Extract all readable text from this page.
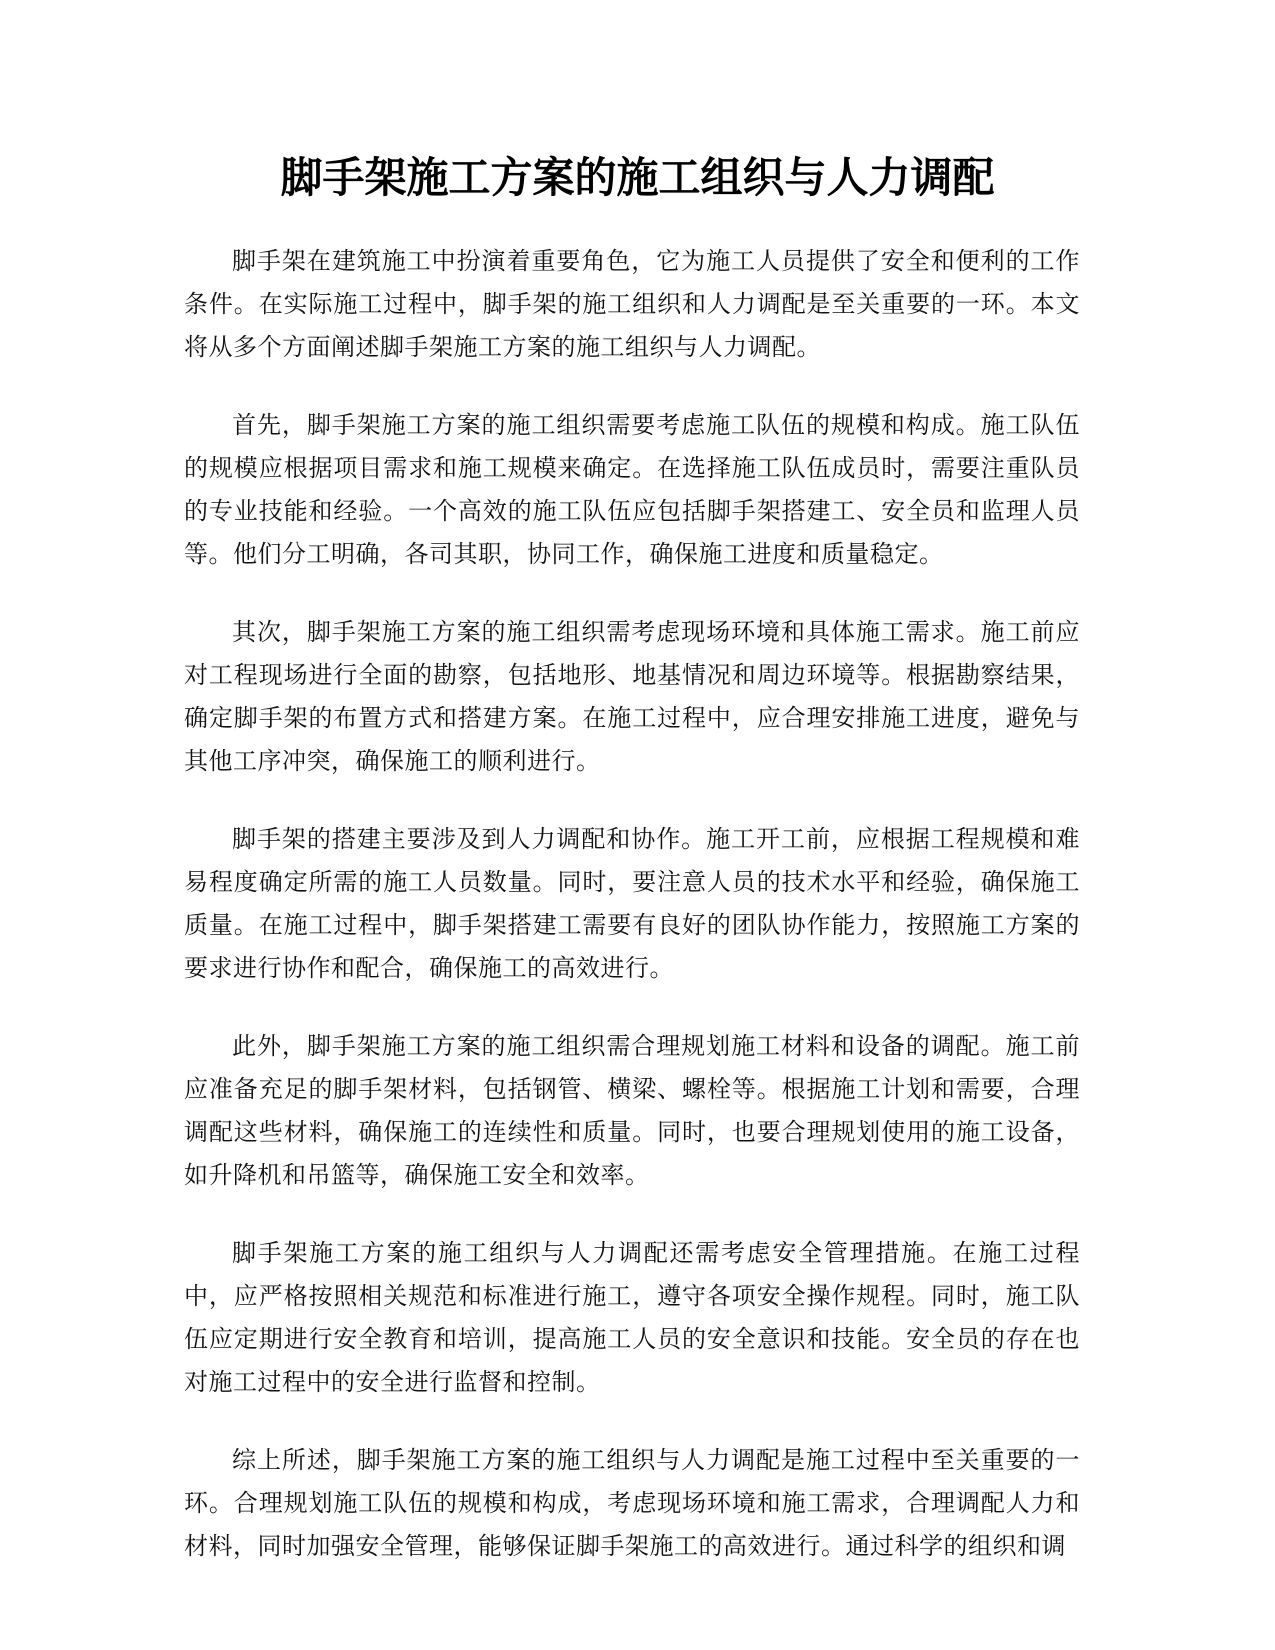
脚手架施工方案的施工组织与人力调配

脚手架在建筑施工中扮演着重要角色，它为施工人员提供了安全和便利的工作条件。在实际施工过程中，脚手架的施工组织和人力调配是至关重要的一环。本文将从多个方面阐述脚手架施工方案的施工组织与人力调配。

首先，脚手架施工方案的施工组织需要考虑施工队伍的规模和构成。施工队伍的规模应根据项目需求和施工规模来确定。在选择施工队伍成员时，需要注重队员的专业技能和经验。一个高效的施工队伍应包括脚手架搭建工、安全员和监理人员等。他们分工明确，各司其职，协同工作，确保施工进度和质量稳定。

其次，脚手架施工方案的施工组织需考虑现场环境和具体施工需求。施工前应对工程现场进行全面的勘察，包括地形、地基情况和周边环境等。根据勘察结果，确定脚手架的布置方式和搭建方案。在施工过程中，应合理安排施工进度，避免与其他工序冲突，确保施工的顺利进行。

脚手架的搭建主要涉及到人力调配和协作。施工开工前，应根据工程规模和难易程度确定所需的施工人员数量。同时，要注意人员的技术水平和经验，确保施工质量。在施工过程中，脚手架搭建工需要有良好的团队协作能力，按照施工方案的要求进行协作和配合，确保施工的高效进行。

此外，脚手架施工方案的施工组织需合理规划施工材料和设备的调配。施工前应准备充足的脚手架材料，包括钢管、横梁、螺栓等。根据施工计划和需要，合理调配这些材料，确保施工的连续性和质量。同时，也要合理规划使用的施工设备，如升降机和吊篮等，确保施工安全和效率。

脚手架施工方案的施工组织与人力调配还需考虑安全管理措施。在施工过程中，应严格按照相关规范和标准进行施工，遵守各项安全操作规程。同时，施工队伍应定期进行安全教育和培训，提高施工人员的安全意识和技能。安全员的存在也对施工过程中的安全进行监督和控制。

综上所述，脚手架施工方案的施工组织与人力调配是施工过程中至关重要的一环。合理规划施工队伍的规模和构成，考虑现场环境和施工需求，合理调配人力和材料，同时加强安全管理，能够保证脚手架施工的高效进行。通过科学的组织和调
